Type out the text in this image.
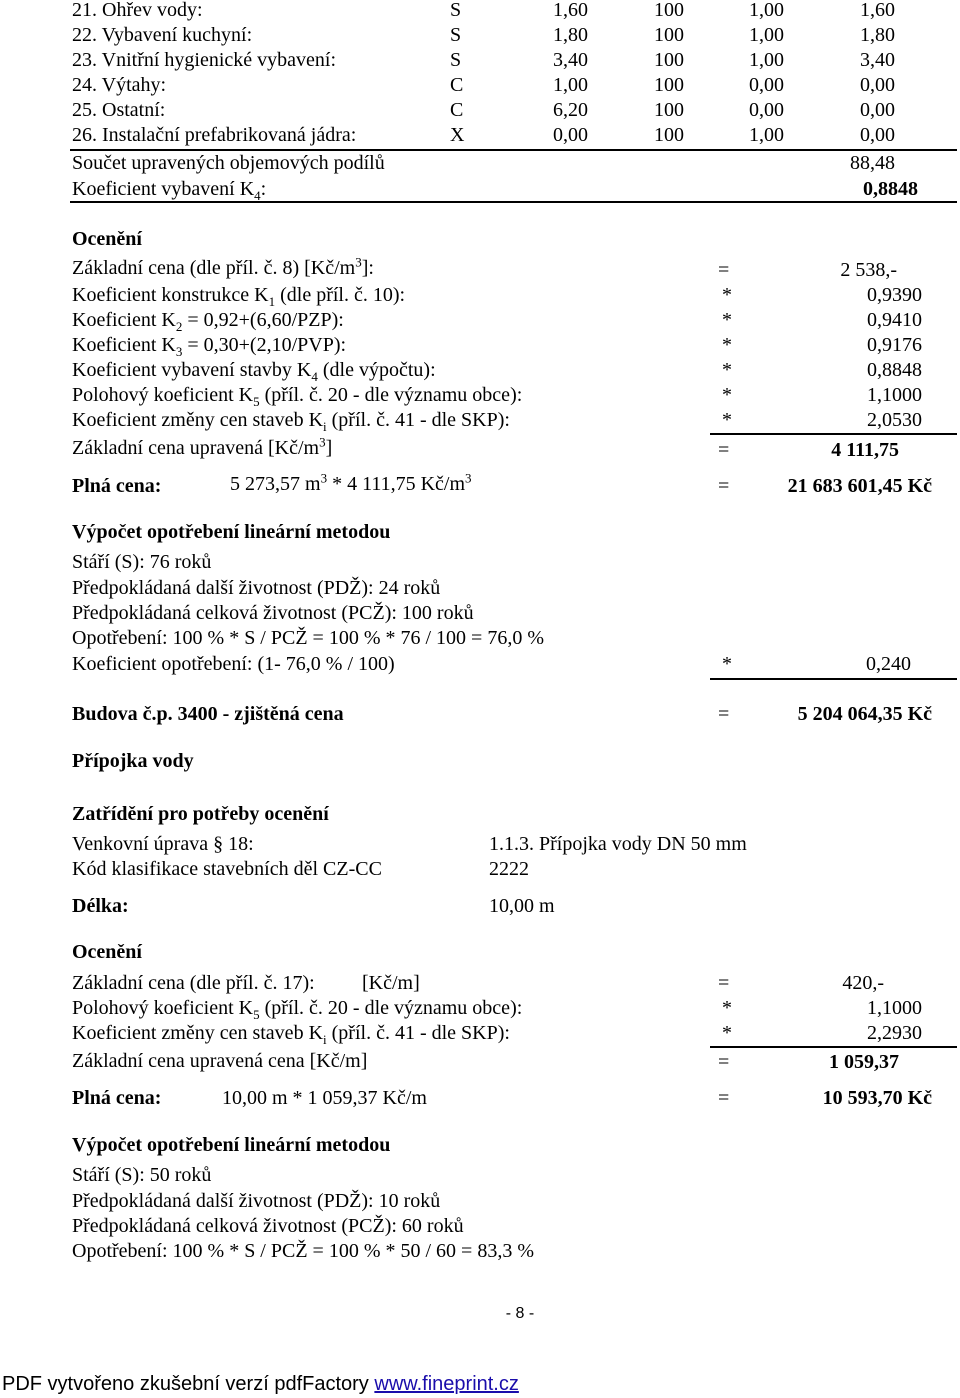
21. Ohřev vody:	S	1,60	100	1,00	1,60
22. Vybavení kuchyní:	S	1,80	100	1,00	1,80
23. Vnitřní hygienické vybavení:	S	3,40	100	1,00	3,40
24. Výtahy:	C	1,00	100	0,00	0,00
25. Ostatní:	C	6,20	100	0,00	0,00
26. Instalační prefabrikovaná jádra:	X	0,00	100	1,00	0,00
Součet upravených objemových podílů	88,48
Koeficient vybavení $K_4$:	0,8848
Ocenění
Základní cena (dle příl. č. 8) $[Kč/m^3]$:	=	2 538,-
Koeficient konstrukce $K_1$ (dle příl. č. 10):	*	0,9390
Koeficient $K_2 = 0,92+(6,60/PZP)$:	*	0,9410
Koeficient $K_3 = 0,30+(2,10/PVP)$:	*	0,9176
Koeficient vybavení stavby $K_4$ (dle výpočtu):	*	0,8848
Polohový koeficient $K_5$ (příl. č. 20 - dle významu obce):	*	1,1000
Koeficient změny cen staveb $K_i$ (příl. č. 41 - dle SKP):	*	2,0530
Základní cena upravená $[Kč/m^3]$	=	4 111,75
Plná cena:	5 273,57 $m^3 * 4$ 111,75 $Kč/m^3$	=	21 683 601,45 Kč
Výpočet opotřebení lineární metodou
Stáří (S): 76 roků
Předpokládaná další životnost (PDŽ): 24 roků
Předpokládaná celková životnost (PCŽ): 100 roků
Opotřebení: 100 % * S / PCŽ = 100 % * 76 / 100 = 76,0 %
Koeficient opotřebení: (1- 76,0 % / 100)	*	0,240
Budova č.p. 3400 - zjištěná cena	=	5 204 064,35 Kč
Přípojka vody
Zatřídění pro potřeby ocenění
Venkovní úprava § 18:	1.1.3. Přípojka vody DN 50 mm
Kód klasifikace stavebních děl CZ-CC	2222
Délka:	10,00 m
Ocenění
Základní cena (dle příl. č. 17): [Kč/m]	=	420,-
Polohový koeficient $K_5$ (příl. č. 20 - dle významu obce):	*	1,1000
Koeficient změny cen staveb $K_i$ (příl. č. 41 - dle SKP):	*	2,2930
Základní cena upravená cena [Kč/m]	=	1 059,37
Plná cena:	10,00 m * 1 059,37 Kč/m	=	10 593,70 Kč
Výpočet opotřebení lineární metodou
Stáří (S): 50 roků
Předpokládaná další životnost (PDŽ): 10 roků
Předpokládaná celková životnost (PCŽ): 60 roků
Opotřebení: 100 % * S / PCŽ = 100 % * 50 / 60 = 83,3 %
- 8 -
PDF vytvořeno zkušební verzí pdfFactory www.fineprint.cz
